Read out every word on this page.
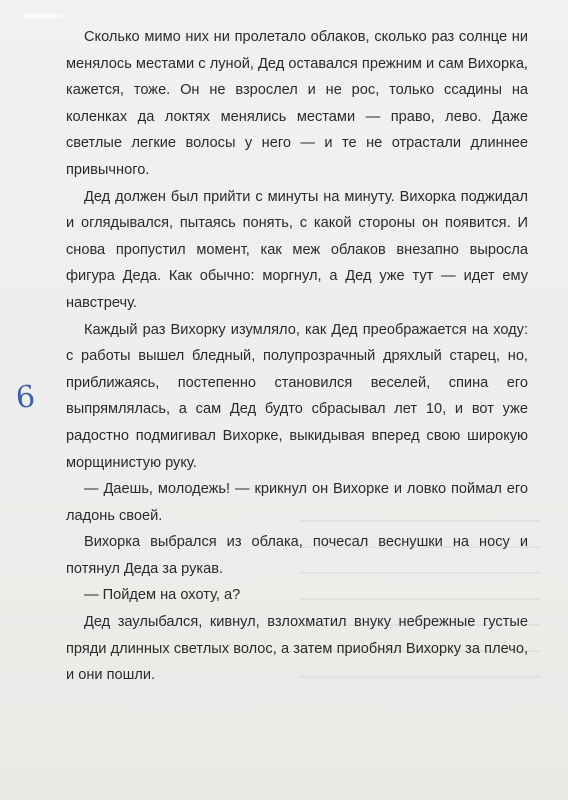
6

Сколько мимо них ни пролетало облаков, сколько раз солнце ни менялось местами с луной, Дед оставался прежним и сам Вихорка, кажется, тоже. Он не взрослел и не рос, только ссадины на коленках да локтях менялись местами — право, лево. Даже светлые легкие волосы у него — и те не отрастали длиннее привычного.

Дед должен был прийти с минуты на минуту. Вихорка поджидал и оглядывался, пытаясь понять, с какой стороны он появится. И снова пропустил момент, как меж облаков внезапно выросла фигура Деда. Как обычно: моргнул, а Дед уже тут — идет ему навстречу.

Каждый раз Вихорку изумляло, как Дед преображается на ходу: с работы вышел бледный, полупрозрачный дряхлый старец, но, приближаясь, постепенно становился веселей, спина его выпрямлялась, а сам Дед будто сбрасывал лет 10, и вот уже радостно подмигивал Вихорке, выкидывая вперед свою широкую морщинистую руку.

— Даешь, молодежь! — крикнул он Вихорке и ловко поймал его ладонь своей.

Вихорка выбрался из облака, почесал веснушки на носу и потянул Деда за рукав.

— Пойдем на охоту, а?

Дед заулыбался, кивнул, взлохматил внуку небрежные густые пряди длинных светлых волос, а затем приобнял Вихорку за плечо, и они пошли.
